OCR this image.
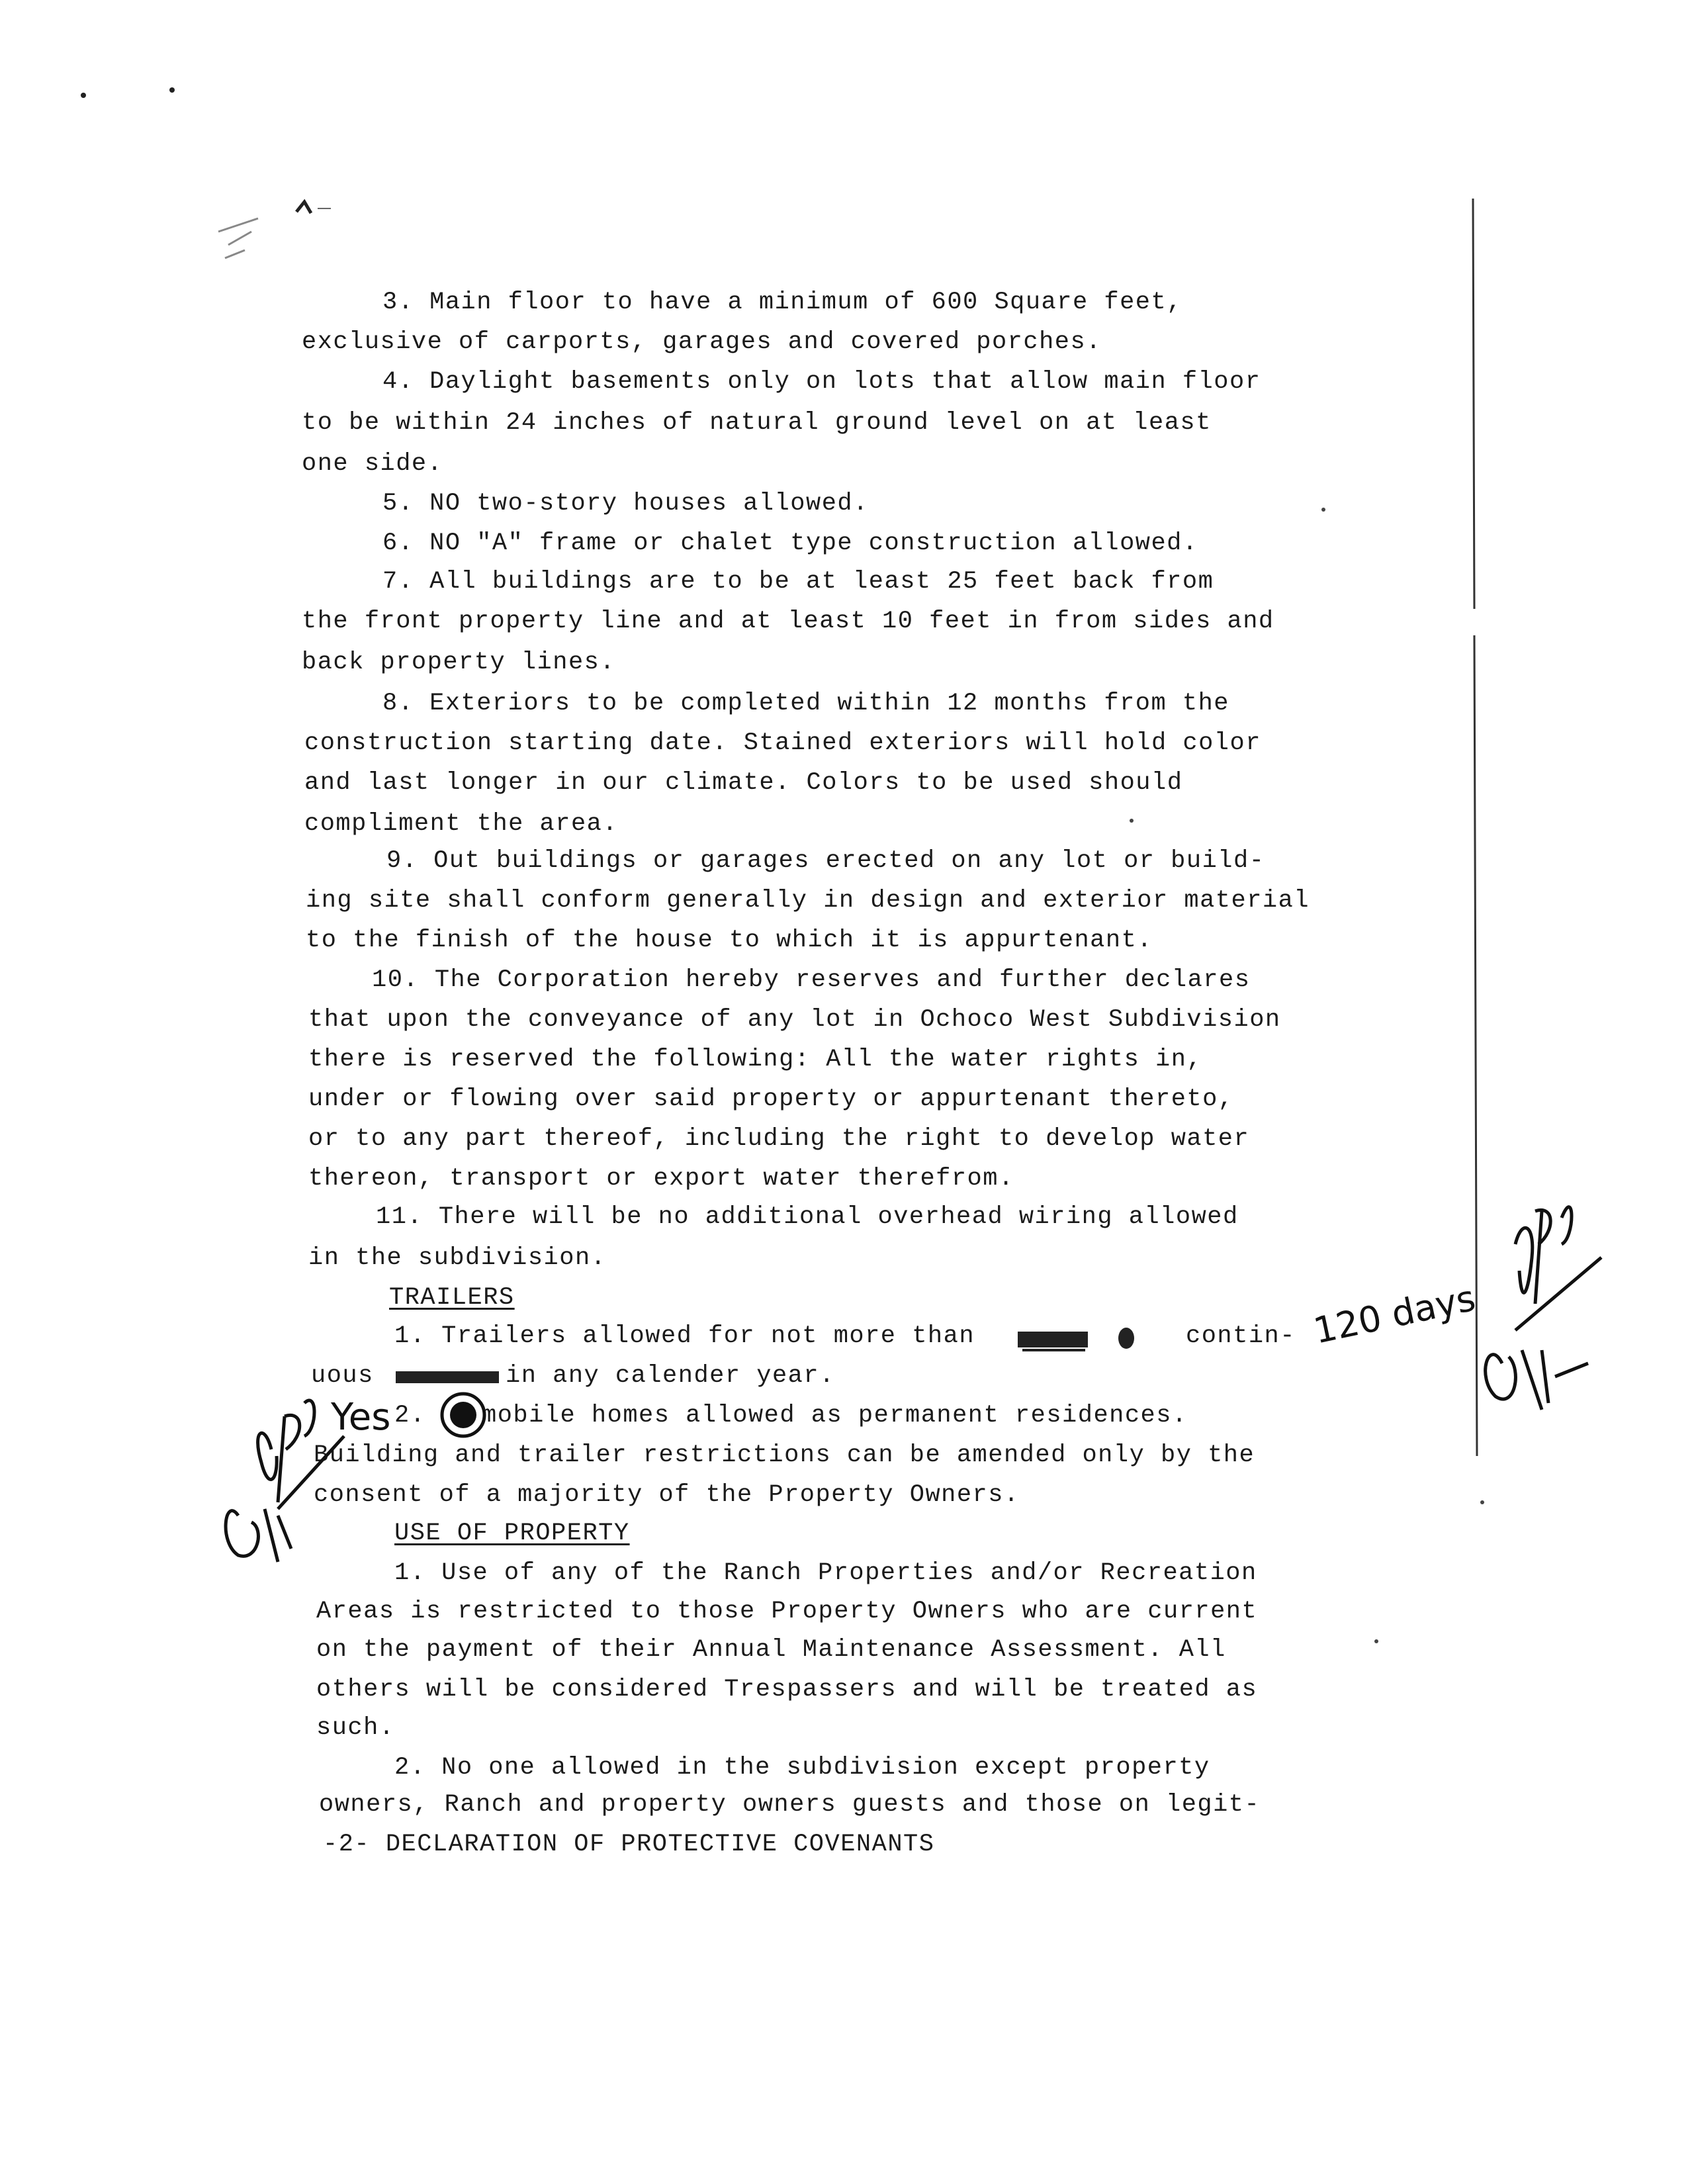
3. Main floor to have a minimum of 600 Square feet,
exclusive of carports, garages and covered porches.
4. Daylight basements only on lots that allow main floor
to be within 24 inches of natural ground level on at least
one side.
5. NO two-story houses allowed.
6. NO "A" frame or chalet type construction allowed.
7. All buildings are to be at least 25 feet back from
the front property line and at least 10 feet in from sides and
back property lines.
8. Exteriors to be completed within 12 months from the
construction starting date. Stained exteriors will hold color
and last longer in our climate. Colors to be used should
compliment the area.
9. Out buildings or garages erected on any lot or build-
ing site shall conform generally in design and exterior material
to the finish of the house to which it is appurtenant.
10. The Corporation hereby reserves and further declares
that upon the conveyance of any lot in Ochoco West Subdivision
there is reserved the following: All the water rights in,
under or flowing over said property or appurtenant thereto,
or to any part thereof, including the right to develop water
thereon, transport or export water therefrom.
11. There will be no additional overhead wiring allowed
in the subdivision.
TRAILERS
1. Trailers allowed for not more than	contin-
uous	in any calender year.
2. mobile homes allowed as permanent residences.
Building and trailer restrictions can be amended only by the
consent of a majority of the Property Owners.
USE OF PROPERTY
1. Use of any of the Ranch Properties and/or Recreation
Areas is restricted to those Property Owners who are current
on the payment of their Annual Maintenance Assessment. All
others will be considered Trespassers and will be treated as
such.
2. No one allowed in the subdivision except property
owners, Ranch and property owners guests and those on legit-
-2- DECLARATION OF PROTECTIVE COVENANTS
120 days
Yes
